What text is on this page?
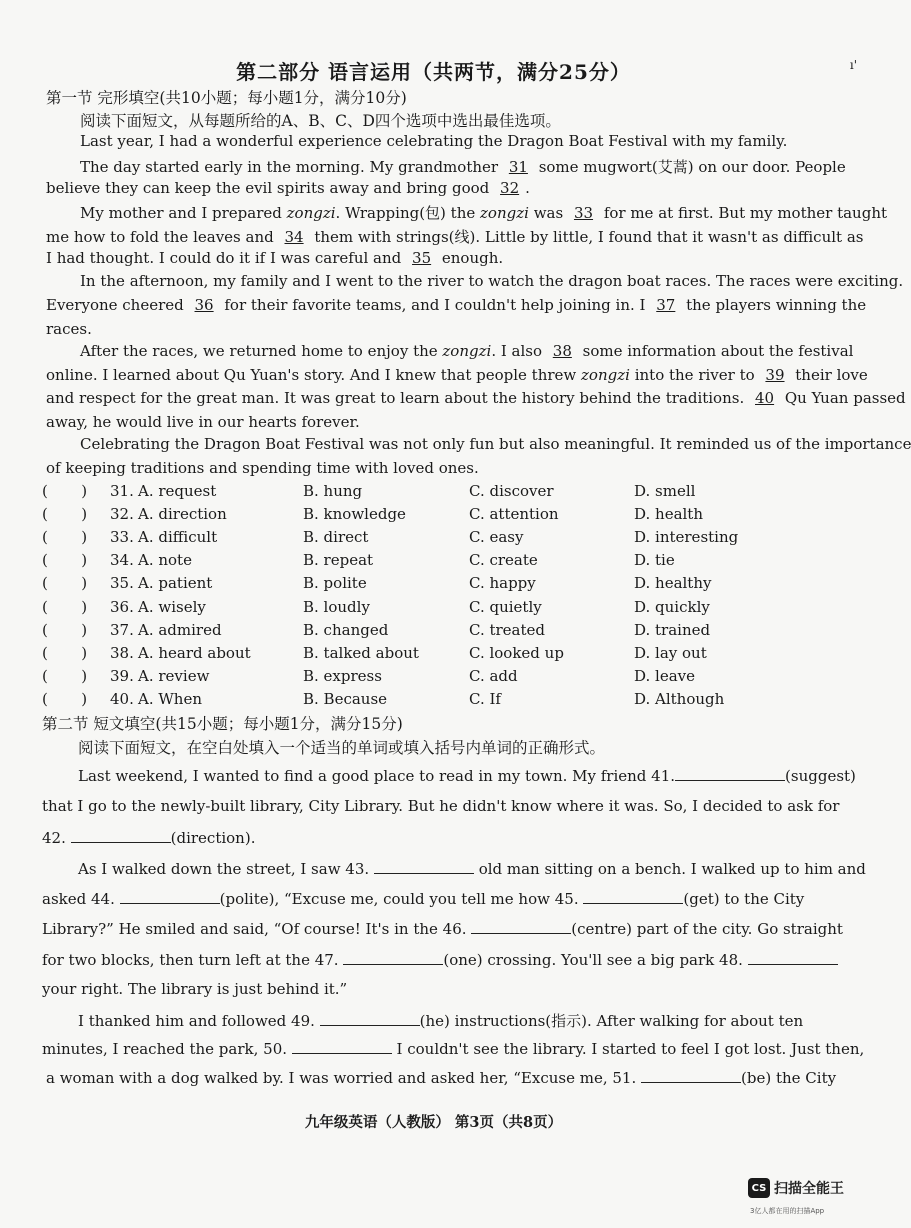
第二部分 语言运用（共两节，满分25分）	ı'
第一节 完形填空(共10小题；每小题1分，满分10分)
阅读下面短文，从每题所给的A、B、C、D四个选项中选出最佳选项。
Last year, I had a wonderful experience celebrating the Dragon Boat Festival with my family.
The day started early in the morning. My grandmother 31 some mugwort(艾蒿) on our door. People
believe they can keep the evil spirits away and bring good 32 .
My mother and I prepared zongzi. Wrapping(包) the zongzi was 33 for me at first. But my mother taught
me how to fold the leaves and 34 them with strings(线). Little by little, I found that it wasn't as difficult as
I had thought. I could do it if I was careful and 35 enough.
In the afternoon, my family and I went to the river to watch the dragon boat races. The races were exciting.
Everyone cheered 36 for their favorite teams, and I couldn't help joining in. I 37 the players winning the
races.
After the races, we returned home to enjoy the zongzi. I also 38 some information about the festival
online. I learned about Qu Yuan's story. And I knew that people threw zongzi into the river to 39 their love
and respect for the great man. It was great to learn about the history behind the traditions. 40 Qu Yuan passed
away, he would live in our hearts forever.
Celebrating the Dragon Boat Festival was not only fun but also meaningful. It reminded us of the importance
of keeping traditions and spending time with loved ones.
(       ) 31. A. request	B. hung	C. discover	D. smell
(       ) 32. A. direction	B. knowledge	C. attention	D. health
(       ) 33. A. difficult	B. direct	C. easy	D. interesting
(       ) 34. A. note	B. repeat	C. create	D. tie
(       ) 35. A. patient	B. polite	C. happy	D. healthy
(       ) 36. A. wisely	B. loudly	C. quietly	D. quickly
(       ) 37. A. admired	B. changed	C. treated	D. trained
(       ) 38. A. heard about	B. talked about	C. looked up	D. lay out
(       ) 39. A. review	B. express	C. add	D. leave
(       ) 40. A. When	B. Because	C. If	D. Although
第二节 短文填空(共15小题；每小题1分，满分15分)
阅读下面短文，在空白处填入一个适当的单词或填入括号内单词的正确形式。
Last weekend, I wanted to find a good place to read in my town. My friend 41.	(suggest)
that I go to the newly-built library, City Library. But he didn't know where it was. So, I decided to ask for
42.	(direction).
As I walked down the street, I saw 43.	old man sitting on a bench. I walked up to him and
asked 44.	(polite), “Excuse me, could you tell me how 45.	(get) to the City
Library?” He smiled and said, “Of course! It's in the 46.	(centre) part of the city. Go straight
for two blocks, then turn left at the 47.	(one) crossing. You'll see a big park 48.
your right. The library is just behind it.”
I thanked him and followed 49.	(he) instructions(指示). After walking for about ten
minutes, I reached the park, 50.	I couldn't see the library. I started to feel I got lost. Just then,
a woman with a dog walked by. I was worried and asked her, “Excuse me, 51.	(be) the City
九年级英语（人教版） 第3页（共8页）
CS 扫描全能王
3亿人都在用的扫描App
